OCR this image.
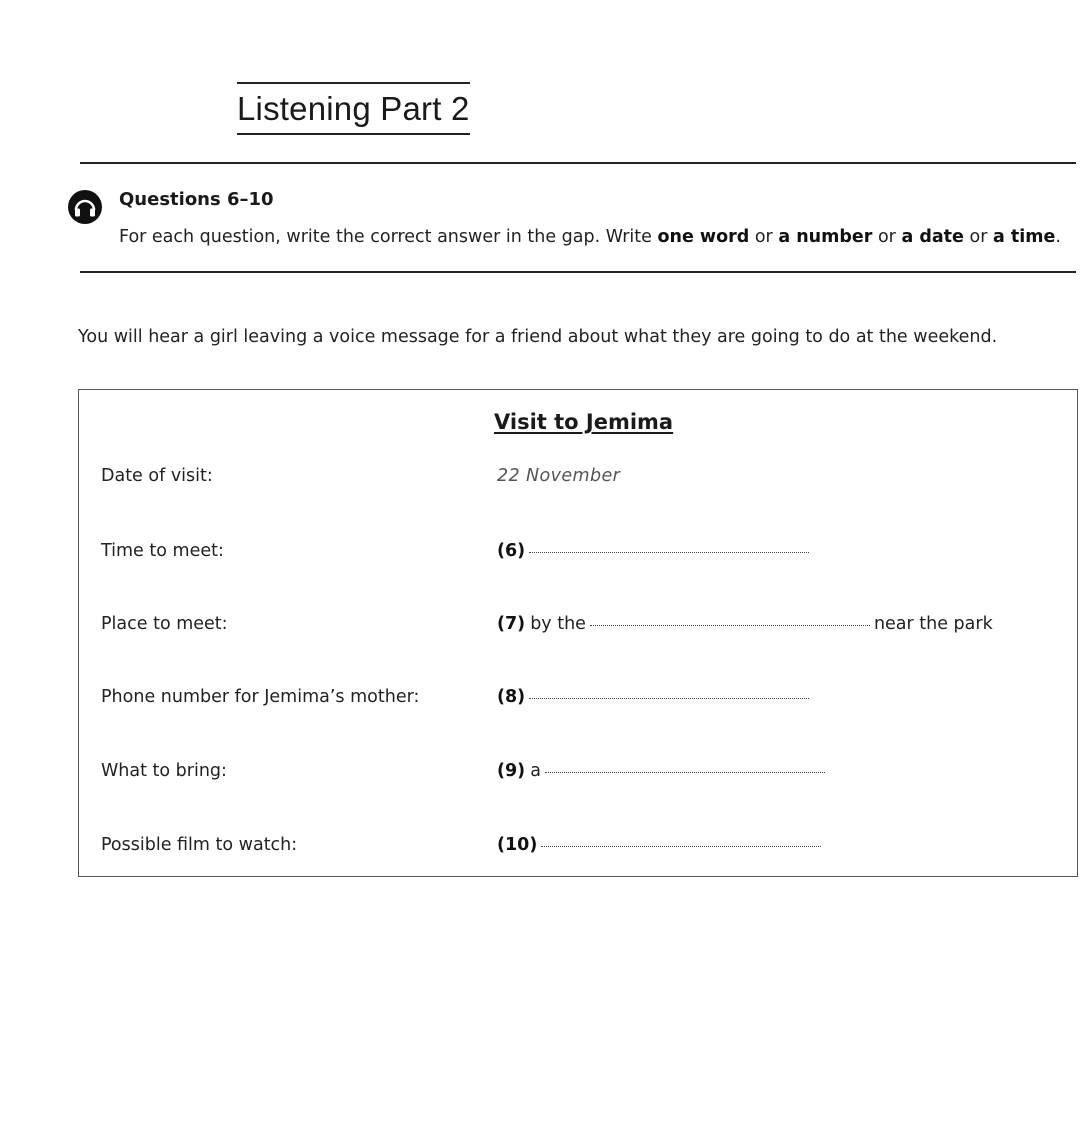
Listening Part 2
Questions 6–10
For each question, write the correct answer in the gap. Write one word or a number or a date or a time.
You will hear a girl leaving a voice message for a friend about what they are going to do at the weekend.
Visit to Jemima
Date of visit:	22 November
Time to meet:	(6)
Place to meet:	(7) by the	near the park
Phone number for Jemima’s mother:	(8)
What to bring:	(9) a
Possible film to watch:	(10)
